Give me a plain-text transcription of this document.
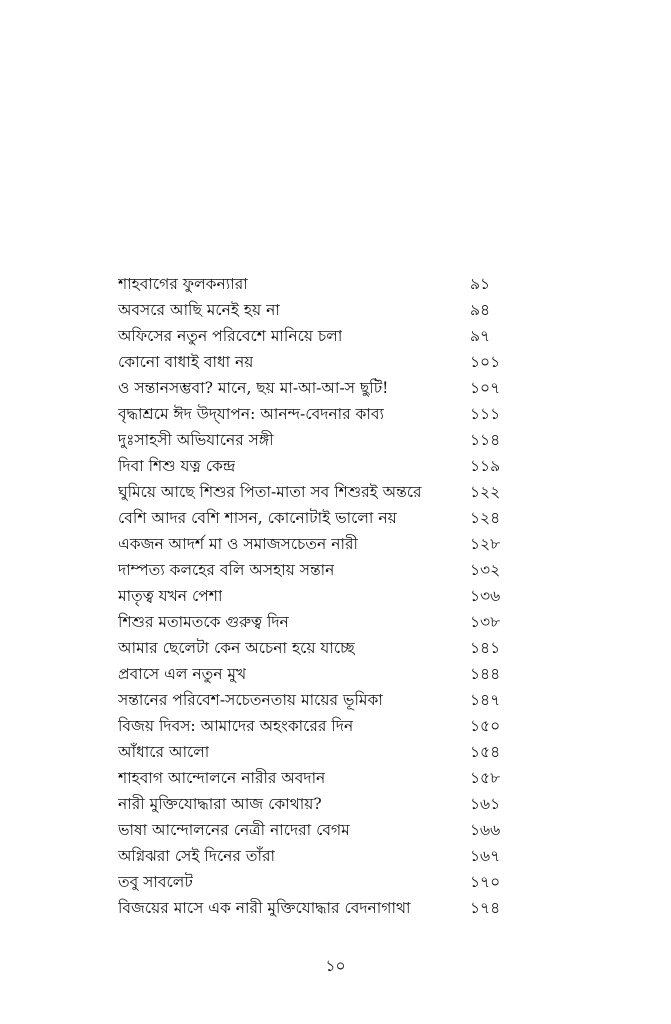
শাহবাগের ফুলকন্যারা	৯১
অবসরে আছি মনেই হয় না	৯৪
অফিসের নতুন পরিবেশে মানিয়ে চলা	৯৭
কোনো বাধাই বাধা নয়	১০১
ও সন্তানসম্ভবা? মানে, ছয় মা-আ-আ-স ছুটি!	১০৭
বৃদ্ধাশ্রমে ঈদ উদ্‌যাপন: আনন্দ-বেদনার কাব্য	১১১
দুঃসাহসী অভিযানের সঙ্গী	১১৪
দিবা শিশু যত্ন কেন্দ্র	১১৯
ঘুমিয়ে আছে শিশুর পিতা-মাতা সব শিশুরই অন্তরে	১২২
বেশি আদর বেশি শাসন, কোনোটাই ভালো নয়	১২৪
একজন আদর্শ মা ও সমাজসচেতন নারী	১২৮
দাম্পত্য কলহের বলি অসহায় সন্তান	১৩২
মাতৃত্ব যখন পেশা	১৩৬
শিশুর মতামতকে গুরুত্ব দিন	১৩৮
আমার ছেলেটা কেন অচেনা হয়ে যাচ্ছে	১৪১
প্রবাসে এল নতুন মুখ	১৪৪
সন্তানের পরিবেশ-সচেতনতায় মায়ের ভূমিকা	১৪৭
বিজয় দিবস: আমাদের অহংকারের দিন	১৫০
আঁধারে আলো	১৫৪
শাহবাগ আন্দোলনে নারীর অবদান	১৫৮
নারী মুক্তিযোদ্ধারা আজ কোথায়?	১৬১
ভাষা আন্দোলনের নেত্রী নাদেরা বেগম	১৬৬
অগ্নিঝরা সেই দিনের তাঁরা	১৬৭
তবু সাবলেট	১৭০
বিজয়ের মাসে এক নারী মুক্তিযোদ্ধার বেদনাগাথা	১৭৪
১০
